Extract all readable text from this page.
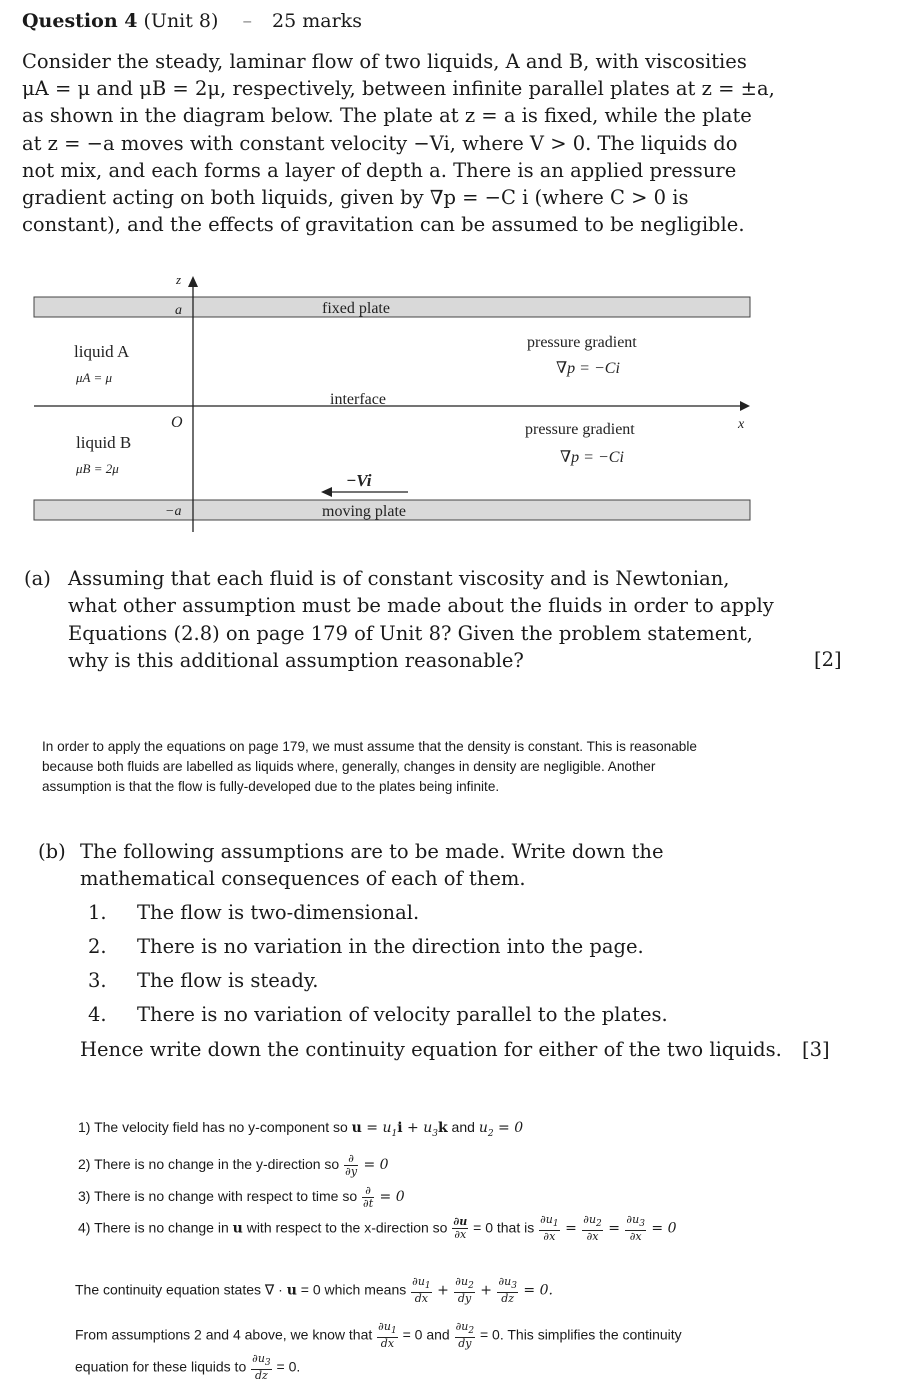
Question 4 (Unit 8) – 25 marks

Consider the steady, laminar flow of two liquids, A and B, with viscosities

μA = μ and μB = 2μ, respectively, between infinite parallel plates at z = ±a,

as shown in the diagram below. The plate at z = a is fixed, while the plate

at z = −a moves with constant velocity −Vi, where V > 0. The liquids do

not mix, and each forms a layer of depth a. There is an applied pressure

gradient acting on both liquids, given by ∇p = −C i (where C > 0 is

constant), and the effects of gravitation can be assumed to be negligible.

z
x
a
O
−a
fixed plate
moving plate
interface
liquid A
μA = μ
liquid B
μB = 2μ
pressure gradient
∇p = −Ci
pressure gradient
∇p = −Ci
−Vi
(a) Assuming that each fluid is of constant viscosity and is Newtonian,

what other assumption must be made about the fluids in order to apply

Equations (2.8) on page 179 of Unit 8? Given the problem statement,

why is this additional assumption reasonable?	[2]

In order to apply the equations on page 179, we must assume that the density is constant. This is reasonable

because both fluids are labelled as liquids where, generally, changes in density are negligible. Another

assumption is that the flow is fully-developed due to the plates being infinite.

(b) The following assumptions are to be made. Write down the

mathematical consequences of each of them.

1. The flow is two-dimensional.
2. There is no variation in the direction into the page.
3. The flow is steady.
4. There is no variation of velocity parallel to the plates.
Hence write down the continuity equation for either of the two liquids. [3]
1) The velocity field has no y-component so $u = u_1i + u_3k$ and $u_2 = 0$
2) There is no change in the y-direction so $\frac{\partial}{\partial y} = 0$
3) There is no change with respect to time so $\frac{\partial}{\partial t} = 0$
4) There is no change in u with respect to the x-direction so $\frac{\partial u}{\partial x} = 0$ that is $\frac{\partial u_1}{\partial x} = \frac{\partial u_2}{\partial x} = \frac{\partial u_3}{\partial x} = 0$
The continuity equation states ∇ · u = 0 which means $\frac{\partial u_1}{dx} + \frac{\partial u_2}{dy} + \frac{\partial u_3}{dz} = 0$.
From assumptions 2 and 4 above, we know that $\frac{\partial u_1}{dx} = 0$ and $\frac{\partial u_2}{dy} = 0$. This simplifies the continuity
equation for these liquids to $\frac{\partial u_3}{dz} = 0$.
